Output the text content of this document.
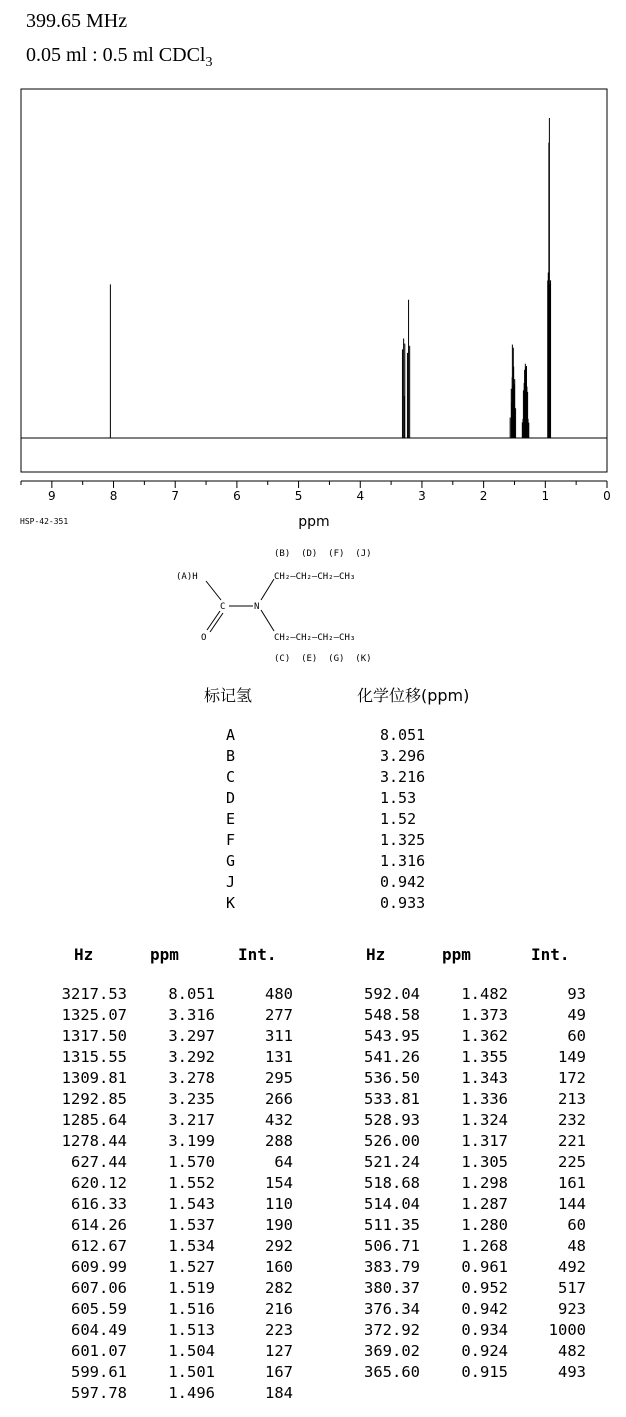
399.65 MHz
0.05 ml : 0.5 ml CDCl$_3$
9	8	7	6	5	4	3	2	1	0
ppm
HSP-42-351
(B)  (D)  (F)  (J)
(A)H	CH₂—CH₂—CH₂—CH₃
C	N
O	CH₂—CH₂—CH₂—CH₃
(C)  (E)  (G)  (K)
标记氢	化学位移(ppm)
A	8.051
B	3.296
C	3.216
D	1.53
E	1.52
F	1.325
G	1.316
J	0.942
K	0.933
Hz	ppm	Int.	Hz	ppm	Int.
3217.53	8.051	480
1325.07	3.316	277
1317.50	3.297	311
1315.55	3.292	131
1309.81	3.278	295
1292.85	3.235	266
1285.64	3.217	432
1278.44	3.199	288
627.44	1.570	64
620.12	1.552	154
616.33	1.543	110
614.26	1.537	190
612.67	1.534	292
609.99	1.527	160
607.06	1.519	282
605.59	1.516	216
604.49	1.513	223
601.07	1.504	127
599.61	1.501	167
597.78	1.496	184
592.04	1.482	93
548.58	1.373	49
543.95	1.362	60
541.26	1.355	149
536.50	1.343	172
533.81	1.336	213
528.93	1.324	232
526.00	1.317	221
521.24	1.305	225
518.68	1.298	161
514.04	1.287	144
511.35	1.280	60
506.71	1.268	48
383.79	0.961	492
380.37	0.952	517
376.34	0.942	923
372.92	0.934	1000
369.02	0.924	482
365.60	0.915	493
